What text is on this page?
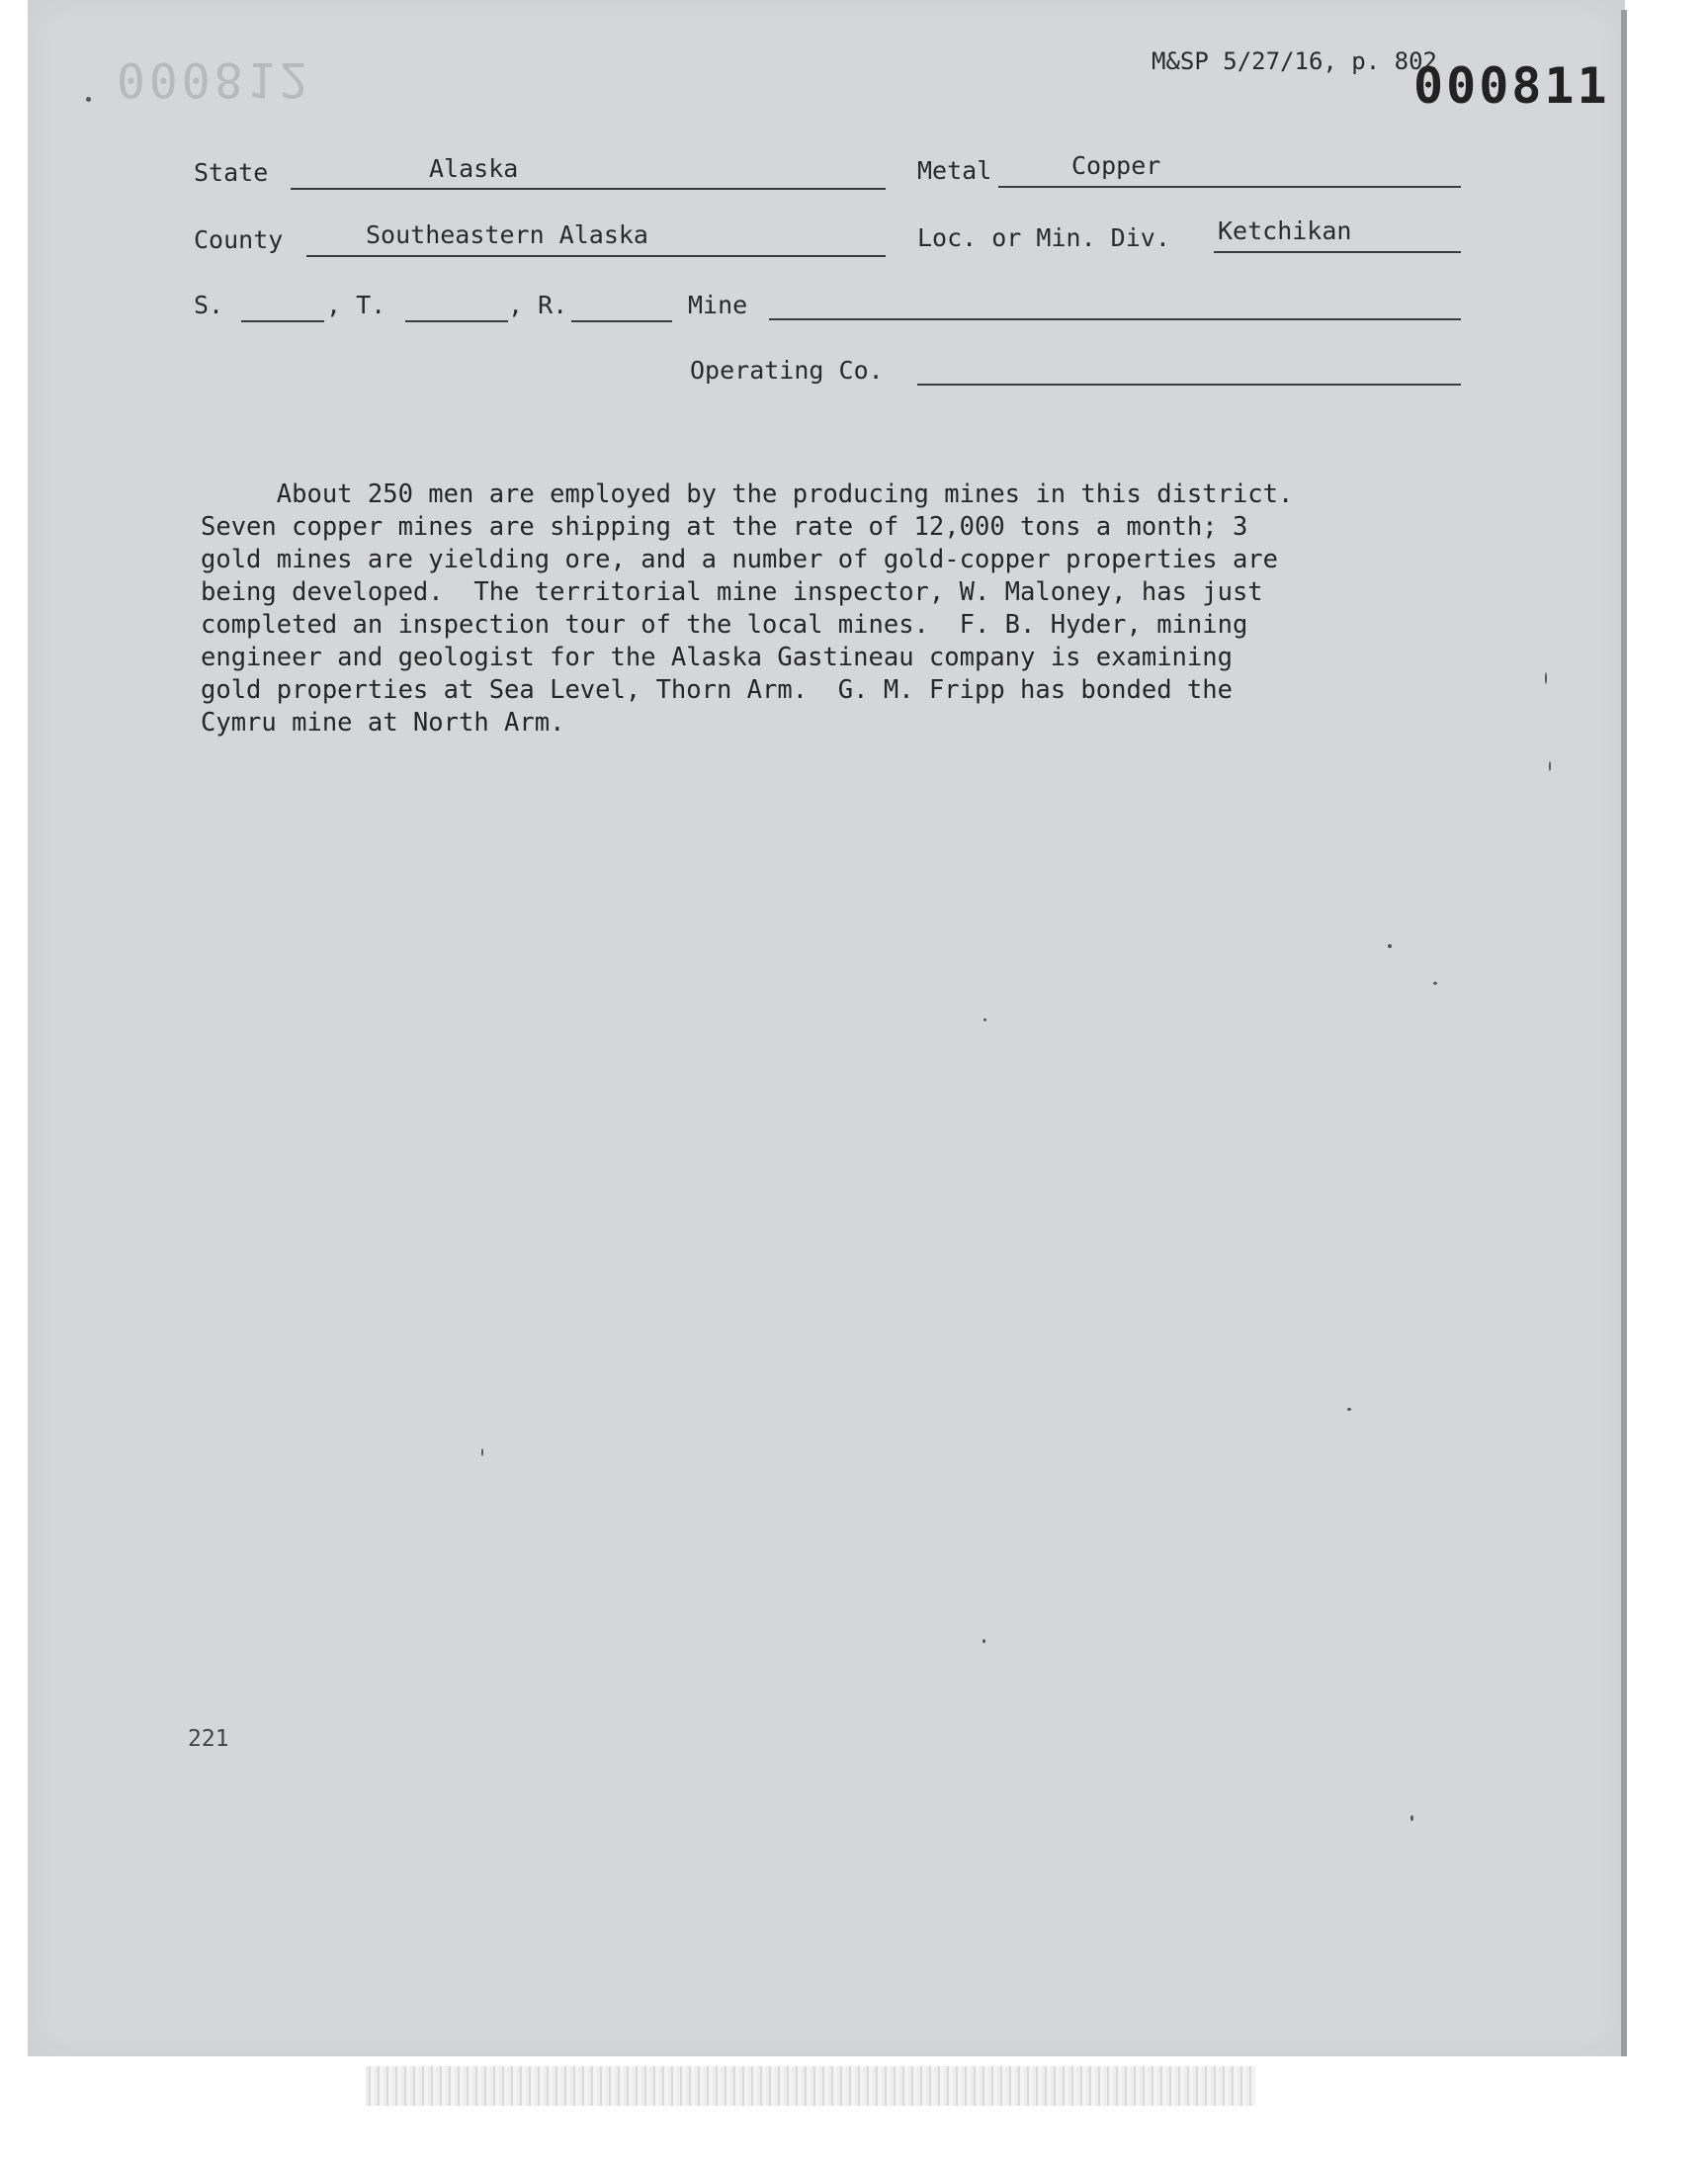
000812	M&SP 5/27/16, p. 802
000811
State	Alaska	Metal	Copper
County	Southeastern Alaska	Loc. or Min. Div. Ketchikan
S.	, T.	, R.	Mine
Operating Co.
About 250 men are employed by the producing mines in this district.
Seven copper mines are shipping at the rate of 12,000 tons a month; 3
gold mines are yielding ore, and a number of gold-copper properties are
being developed.  The territorial mine inspector, W. Maloney, has just
completed an inspection tour of the local mines.  F. B. Hyder, mining
engineer and geologist for the Alaska Gastineau company is examining
gold properties at Sea Level, Thorn Arm.  G. M. Fripp has bonded the
Cymru mine at North Arm.
221
